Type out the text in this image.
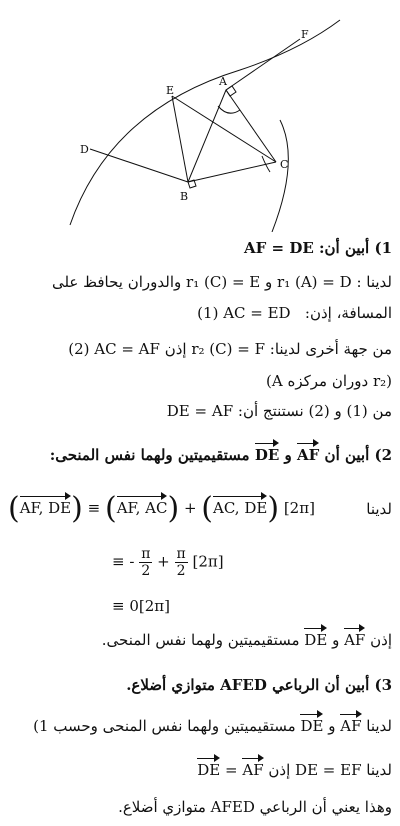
A
B
C
D
E
F
1) أبين أن: AF = DE
لدينا : r₁ (A) = D و r₁ (C) = E والدوران يحافظ على
المسافة، إذن:   (1) AC = ED
من جهة أخرى لدينا: r₂ (C) = F إذن (2) AC = AF
(r₂ دوران مركزه A)
من (1) و (2) نستنتج أن: DE = AF
2) أبين أن AF و DE مستقيميتين ولهما نفس المنحى:
(AF, DE) ≡ (AF, AC) + (AC, DE) [2π]	لدينا
≡ - $\frac{\pi}{2} + \frac{\pi}{2} [2\pi]$
≡ 0[2π]
إذن AF و DE مستقيميتين ولهما نفس المنحى.
3) أبين أن الرباعي AFED متوازي أضلاع.
لدينا AF و DE مستقيميتين ولهما نفس المنحى وحسب 1)
لدينا DE = EF إذن AF = DE
وهذا يعني أن الرباعي AFED متوازي أضلاع.
